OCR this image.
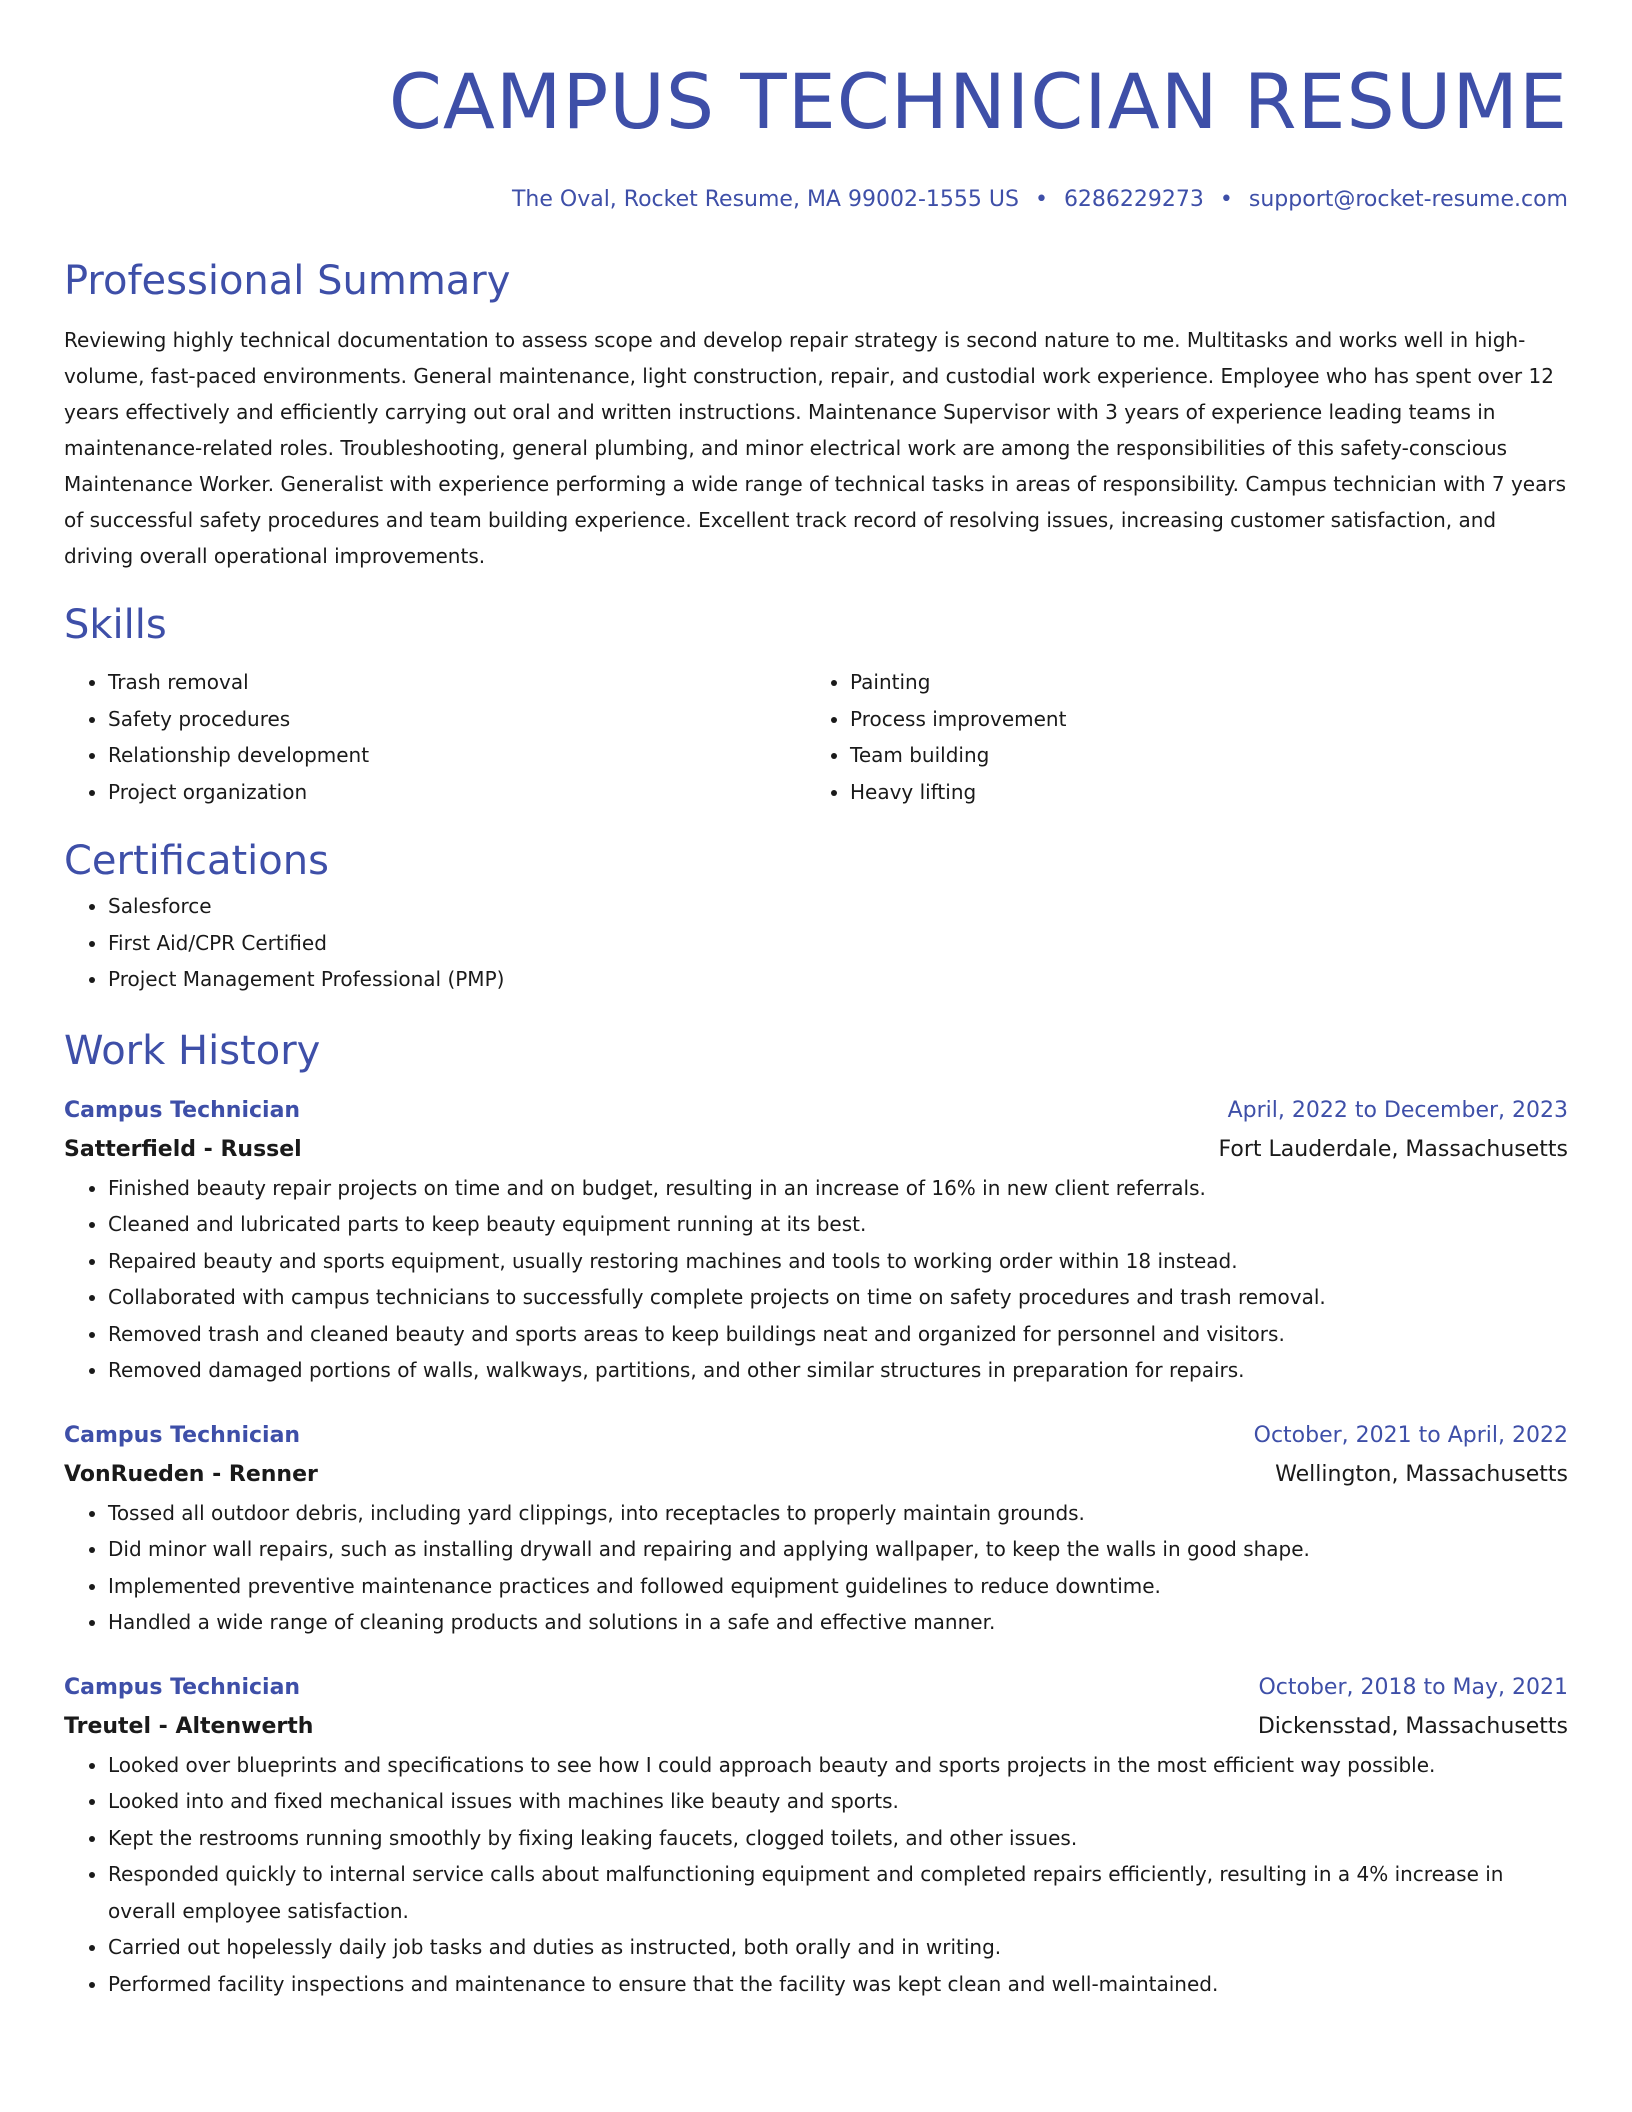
CAMPUS TECHNICIAN RESUME
The Oval, Rocket Resume, MA 99002-1555 US • 6286229273 • support@rocket-resume.com
Professional Summary

Reviewing highly technical documentation to assess scope and develop repair strategy is second nature to me. Multitasks and works well in high-volume, fast-paced environments. General maintenance, light construction, repair, and custodial work experience. Employee who has spent over 12 years effectively and efficiently carrying out oral and written instructions. Maintenance Supervisor with 3 years of experience leading teams in maintenance-related roles. Troubleshooting, general plumbing, and minor electrical work are among the responsibilities of this safety-conscious Maintenance Worker. Generalist with experience performing a wide range of technical tasks in areas of responsibility. Campus technician with 7 years of successful safety procedures and team building experience. Excellent track record of resolving issues, increasing customer satisfaction, and driving overall operational improvements.

Skills
• Trash removal
• Safety procedures
• Relationship development
• Project organization
• Painting
• Process improvement
• Team building
• Heavy lifting
Certifications
• Salesforce
• First Aid/CPR Certified
• Project Management Professional (PMP)
Work History
Campus Technician	April, 2022 to December, 2023
Satterfield - Russel	Fort Lauderdale, Massachusetts
• Finished beauty repair projects on time and on budget, resulting in an increase of 16% in new client referrals.
• Cleaned and lubricated parts to keep beauty equipment running at its best.
• Repaired beauty and sports equipment, usually restoring machines and tools to working order within 18 instead.
• Collaborated with campus technicians to successfully complete projects on time on safety procedures and trash removal.
• Removed trash and cleaned beauty and sports areas to keep buildings neat and organized for personnel and visitors.
• Removed damaged portions of walls, walkways, partitions, and other similar structures in preparation for repairs.
Campus Technician	October, 2021 to April, 2022
VonRueden - Renner	Wellington, Massachusetts
• Tossed all outdoor debris, including yard clippings, into receptacles to properly maintain grounds.
• Did minor wall repairs, such as installing drywall and repairing and applying wallpaper, to keep the walls in good shape.
• Implemented preventive maintenance practices and followed equipment guidelines to reduce downtime.
• Handled a wide range of cleaning products and solutions in a safe and effective manner.
Campus Technician	October, 2018 to May, 2021
Treutel - Altenwerth	Dickensstad, Massachusetts
• Looked over blueprints and specifications to see how I could approach beauty and sports projects in the most efficient way possible.
• Looked into and fixed mechanical issues with machines like beauty and sports.
• Kept the restrooms running smoothly by fixing leaking faucets, clogged toilets, and other issues.
• Responded quickly to internal service calls about malfunctioning equipment and completed repairs efficiently, resulting in a 4% increase in overall employee satisfaction.
• Carried out hopelessly daily job tasks and duties as instructed, both orally and in writing.
• Performed facility inspections and maintenance to ensure that the facility was kept clean and well-maintained.
